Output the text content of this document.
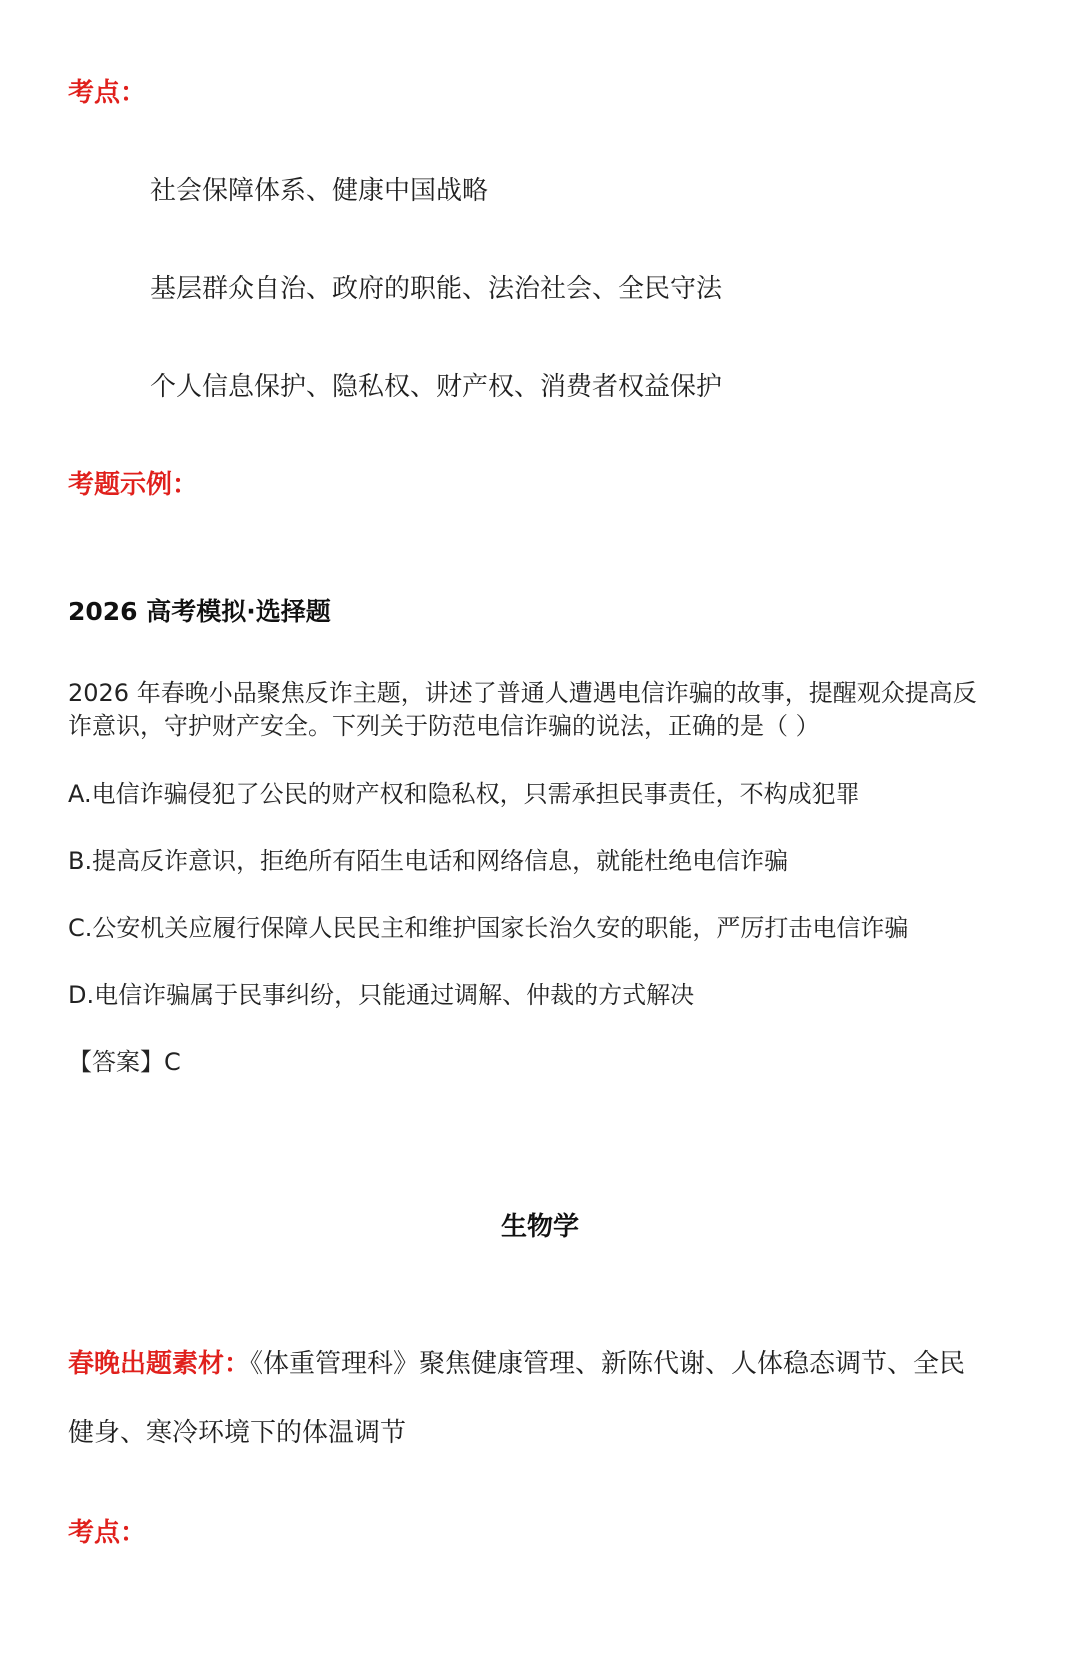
考点：
社会保障体系、健康中国战略
基层群众自治、政府的职能、法治社会、全民守法
个人信息保护、隐私权、财产权、消费者权益保护
考题示例：
2026 高考模拟·选择题
2026 年春晚小品聚焦反诈主题，讲述了普通人遭遇电信诈骗的故事，提醒观众提高反
诈意识，守护财产安全。下列关于防范电信诈骗的说法，正确的是（ ）
A.电信诈骗侵犯了公民的财产权和隐私权，只需承担民事责任，不构成犯罪
B.提高反诈意识，拒绝所有陌生电话和网络信息，就能杜绝电信诈骗
C.公安机关应履行保障人民民主和维护国家长治久安的职能，严厉打击电信诈骗
D.电信诈骗属于民事纠纷，只能通过调解、仲裁的方式解决
【答案】C
生物学
春晚出题素材：《体重管理科》聚焦健康管理、新陈代谢、人体稳态调节、全民
健身、寒冷环境下的体温调节
考点：
